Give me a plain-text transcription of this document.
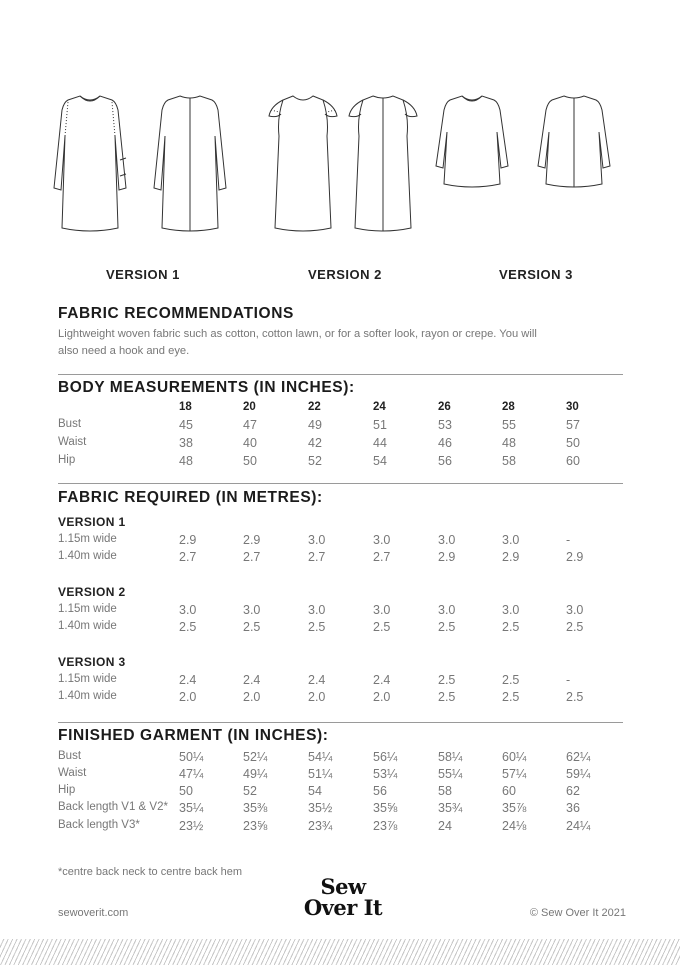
VERSION 1	VERSION 2	VERSION 3
FABRIC RECOMMENDATIONS
Lightweight woven fabric such as cotton, cotton lawn, or for a softer look, rayon or crepe. You will
also need a hook and eye.
BODY MEASUREMENTS (IN INCHES):
18	20	22	24	26	28	30
Bust	45	47	49	51	53	55	57
Waist	38	40	42	44	46	48	50
Hip	48	50	52	54	56	58	60
FABRIC REQUIRED (IN METRES):
VERSION 1
1.15m wide	2.9	2.9	3.0	3.0	3.0	3.0	-
1.40m wide	2.7	2.7	2.7	2.7	2.9	2.9	2.9
VERSION 2
1.15m wide	3.0	3.0	3.0	3.0	3.0	3.0	3.0
1.40m wide	2.5	2.5	2.5	2.5	2.5	2.5	2.5
VERSION 3
1.15m wide	2.4	2.4	2.4	2.4	2.5	2.5	-
1.40m wide	2.0	2.0	2.0	2.0	2.5	2.5	2.5
FINISHED GARMENT (IN INCHES):
Bust	50¼	52¼	54¼	56¼	58¼	60¼	62¼
Waist	47¼	49¼	51¼	53¼	55¼	57¼	59¼
Hip	50	52	54	56	58	60	62
Back length V1 & V2* 35¼	35⅜	35½	35⅝	35¾	35⅞	36
Back length V3*	23½	23⅝	23¾	23⅞	24	24⅛	24¼
*centre back neck to centre back hem
sewoverit.com
Sew
Over It	© Sew Over It 2021
